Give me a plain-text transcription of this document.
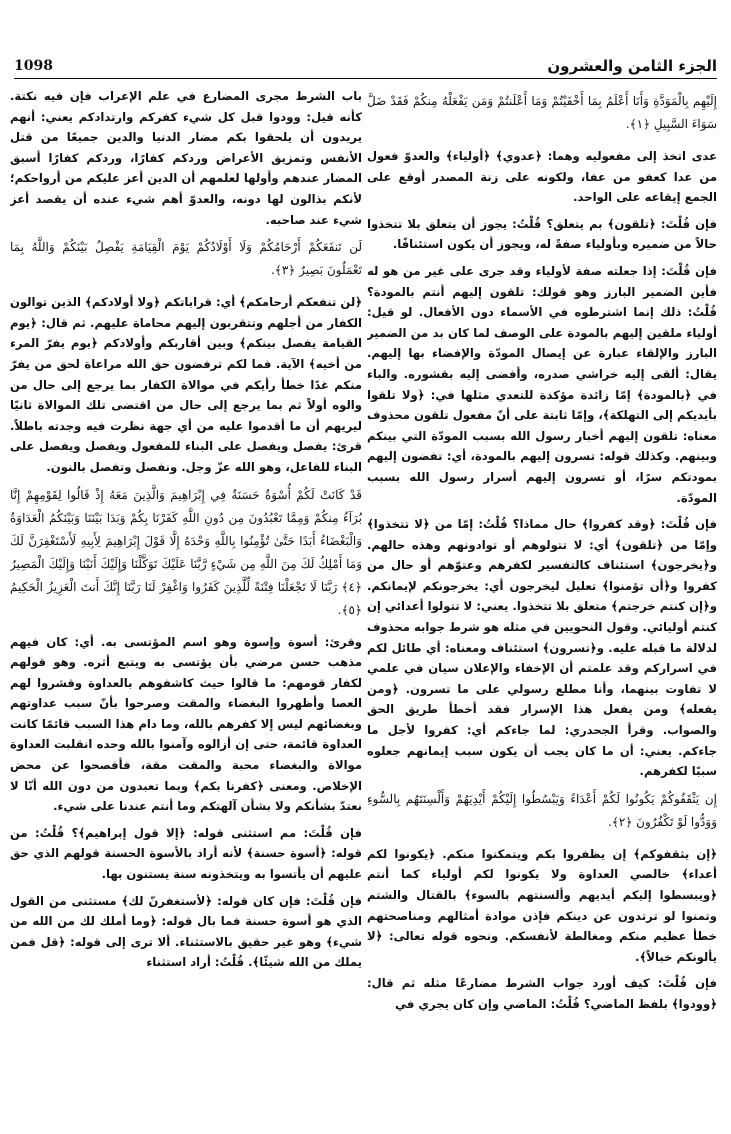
الجزء الثامن والعشرون
1098

إِلَيْهِم بِالْمَوَدَّةِ وَأَنَا أَعْلَمُ بِمَا أَخْفَيْتُمْ وَمَا أَعْلَنتُمْ وَمَن يَفْعَلْهُ مِنكُمْ فَقَدْ ضَلَّ سَوَاءَ السَّبِيلِ ﴿١﴾.

عدى اتخذ إلى مفعوليه وهما: ﴿عدوي﴾ ﴿أولياء﴾ والعدوّ فعول من عدا كعفو من عفا، ولكونه على زنة المصدر أوقع على الجمع إيقاعه على الواحد.

فإن قُلْتَ: ﴿تلقون﴾ بم يتعلق؟ قُلْتُ: يجوز أن يتعلق بلا تتخذوا حالاً من ضميره وبأولياء صفةً له، ويجوز أن يكون استئنافًا.

فإن قُلْتَ: إذا جعلته صفة لأولياء وقد جرى على غير من هو له فأين الضمير البارز وهو قولك: تلقون إليهم أنتم بالمودة؟ قُلْتُ: ذلك إنما اشترطوه في الأسماء دون الأفعال. لو قيل: أولياء ملقين إليهم بالمودة على الوصف لما كان بد من الضمير البارز والإلقاء عبارة عن إيصال المودّة والإفضاء بها إليهم. يقال: ألقى إليه خراشي صدره، وأفضى إليه بقشوره. والباء في ﴿بالمودة﴾ إمّا زائدة مؤكدة للتعدي مثلها في: ﴿ولا تلقوا بأيديكم إلى التهلكة﴾، وإمّا ثابتة على أنّ مفعول تلقون محذوف معناه: تلقون إليهم أخبار رسول الله بسبب المودّة التي بينكم وبينهم. وكذلك قوله: تسرون إليهم بالمودة، أي: تفضون إليهم بمودتكم سرًا، أو تسرون إليهم أسرار رسول الله بسبب المودّة.

فإن قُلْتَ: ﴿وقد كفروا﴾ حال مماذا؟ قُلْتُ: إمّا من ﴿لا تتخذوا﴾ وإمّا من ﴿تلقون﴾ أي: لا تتولوهم أو توادونهم وهذه حالهم. و﴿يخرجون﴾ استئناف كالتفسير لكفرهم وعتوّهم أو حال من كفروا و﴿أن تؤمنوا﴾ تعليل ليخرجون أي: يخرجونكم لإيمانكم. و﴿إن كنتم خرجتم﴾ متعلق بلا تتخذوا. يعني: لا تتولوا أعدائي إن كنتم أوليائي. وقول النحويين في مثله هو شرط جوابه محذوف لدلالة ما قبله عليه. و﴿تسرون﴾ استئناف ومعناه: أي طائل لكم في اسراركم وقد علمتم أن الإخفاء والإعلان سيان في علمي لا تفاوت بينهما، وأنا مطلع رسولي على ما تسرون. ﴿ومن يفعله﴾ ومن يفعل هذا الإسرار فقد أخطأ طريق الحق والصواب. وقرأ الجحدري: لما جاءكم أي: كفروا لأجل ما جاءكم. يعني: أن ما كان يجب أن يكون سبب إيمانهم جعلوه سببًا لكفرهم.

إِن يَثْقَفُوكُمْ يَكُونُوا لَكُمْ أَعْدَاءً وَيَبْسُطُوا إِلَيْكُمْ أَيْدِيَهُمْ وَأَلْسِنَتَهُم بِالسُّوءِ وَوَدُّوا لَوْ تَكْفُرُونَ ﴿٢﴾.

﴿إن يثقفوكم﴾ إن يظفروا بكم ويتمكنوا منكم. ﴿يكونوا لكم أعداء﴾ خالصي العداوة ولا يكونوا لكم أولياء كما أنتم ﴿ويبسطوا إليكم أيديهم وألسنتهم بالسوء﴾ بالقتال والشتم وتمنوا لو ترتدون عن دينكم فإذن موادة أمثالهم ومناصحتهم خطأ عظيم منكم ومغالطة لأنفسكم. ونحوه قوله تعالى: ﴿لا يألونكم خبالاً﴾.

فإن قُلْتَ: كيف أورد جواب الشرط مضارعًا مثله ثم قال: ﴿وودوا﴾ بلفظ الماضي؟ قُلْتُ: الماضي وإن كان يجري في

باب الشرط مجرى المضارع في علم الإعراب فإن فيه نكتة. كأنه قيل: وودوا قبل كل شيء كفركم وارتدادكم يعني: أنهم يريدون أن يلحقوا بكم مضار الدنيا والدين جميعًا من قتل الأنفس وتمزيق الأعراض وردكم كفارًا، وردكم كفارًا أسبق المضار عندهم وأولها لعلمهم أن الدين أعز عليكم من أرواحكم؛ لأنكم بذالون لها دونه، والعدوّ أهم شيء عنده أن يقصد أعز شيء عند صاحبه.

لَن تَنفَعَكُمْ أَرْحَامُكُمْ وَلَا أَوْلَادُكُمْ يَوْمَ الْقِيَامَةِ يَفْصِلُ بَيْنَكُمْ وَاللَّهُ بِمَا تَعْمَلُونَ بَصِيرٌ ﴿٣﴾.

﴿لن تنفعكم أرحامكم﴾ أي: قراباتكم ﴿ولا أولادكم﴾ الذين توالون الكفار من أجلهم وتتقربون إليهم محاماة عليهم. ثم قال: ﴿يوم القيامة يفصل بينكم﴾ وبين أقاربكم وأولادكم ﴿يوم يفرّ المرء من أخيه﴾ الآية. فما لكم ترفضون حق الله مراعاة لحق من يفرّ منكم غدًا خطأ رأيكم في موالاة الكفار بما يرجع إلى حال من والوه أولاً ثم بما يرجع إلى حال من اقتضى تلك الموالاة ثانيًا ليريهم أن ما أقدموا عليه من أي جهة نظرت فيه وجدته باطلاً. قرئ: يفصل ويفصل على البناء للمفعول ويفصل ويفصل على البناء للفاعل، وهو الله عزّ وجل. ونفصل وتفصل بالنون.

قَدْ كَانَتْ لَكُمْ أُسْوَةٌ حَسَنَةٌ فِي إِبْرَاهِيمَ وَالَّذِينَ مَعَهُ إِذْ قَالُوا لِقَوْمِهِمْ إِنَّا بُرَآءُ مِنكُمْ وَمِمَّا تَعْبُدُونَ مِن دُونِ اللَّهِ كَفَرْنَا بِكُمْ وَبَدَا بَيْنَنَا وَبَيْنَكُمُ الْعَدَاوَةُ وَالْبَغْضَاءُ أَبَدًا حَتَّىٰ تُؤْمِنُوا بِاللَّهِ وَحْدَهُ إِلَّا قَوْلَ إِبْرَاهِيمَ لِأَبِيهِ لَأَسْتَغْفِرَنَّ لَكَ وَمَا أَمْلِكُ لَكَ مِنَ اللَّهِ مِن شَيْءٍ رَّبَّنَا عَلَيْكَ تَوَكَّلْنَا وَإِلَيْكَ أَنَبْنَا وَإِلَيْكَ الْمَصِيرُ ﴿٤﴾ رَبَّنَا لَا تَجْعَلْنَا فِتْنَةً لِّلَّذِينَ كَفَرُوا وَاغْفِرْ لَنَا رَبَّنَا إِنَّكَ أَنتَ الْعَزِيزُ الْحَكِيمُ ﴿٥﴾.

وقرئ: أسوة وإسوة وهو اسم المؤتسى به. أي: كان فيهم مذهب حسن مرضي بأن يؤتسى به ويتبع أثره. وهو قولهم لكفار قومهم: ما قالوا حيث كاشفوهم بالعداوة وقشروا لهم العصا وأظهروا البغضاء والمقت وصرحوا بأنّ سبب عداوتهم وبغضائهم ليس إلا كفرهم بالله، وما دام هذا السبب قائمًا كانت العداوة قائمة، حتى إن أزالوه وآمنوا بالله وحده انقلبت العداوة موالاة والبغضاء محبة والمقت مقة، فأفصحوا عن محض الإخلاص. ومعنى ﴿كفرنا بكم﴾ وبما تعبدون من دون الله أنّا لا نعتدّ بشأنكم ولا بشأن آلهتكم وما أنتم عندنا على شيء.

فإن قُلْتَ: مم استثنى قوله: ﴿إلا قول إبراهيم﴾؟ قُلْتُ: من قوله: ﴿أسوة حسنة﴾ لأنه أراد بالأسوة الحسنة قولهم الذي حق عليهم أن يأتسوا به ويتخذونه سنة يستنون بها.

فإن قُلْتَ: فإن كان قوله: ﴿لأستغفرنّ لك﴾ مستثنى من القول الذي هو أسوة حسنة فما بال قوله: ﴿وما أملك لك من الله من شيء﴾ وهو غير حقيق بالاستثناء. ألا ترى إلى قوله: ﴿قل فمن يملك من الله شيئًا﴾. قُلْتُ: أراد استثناء
